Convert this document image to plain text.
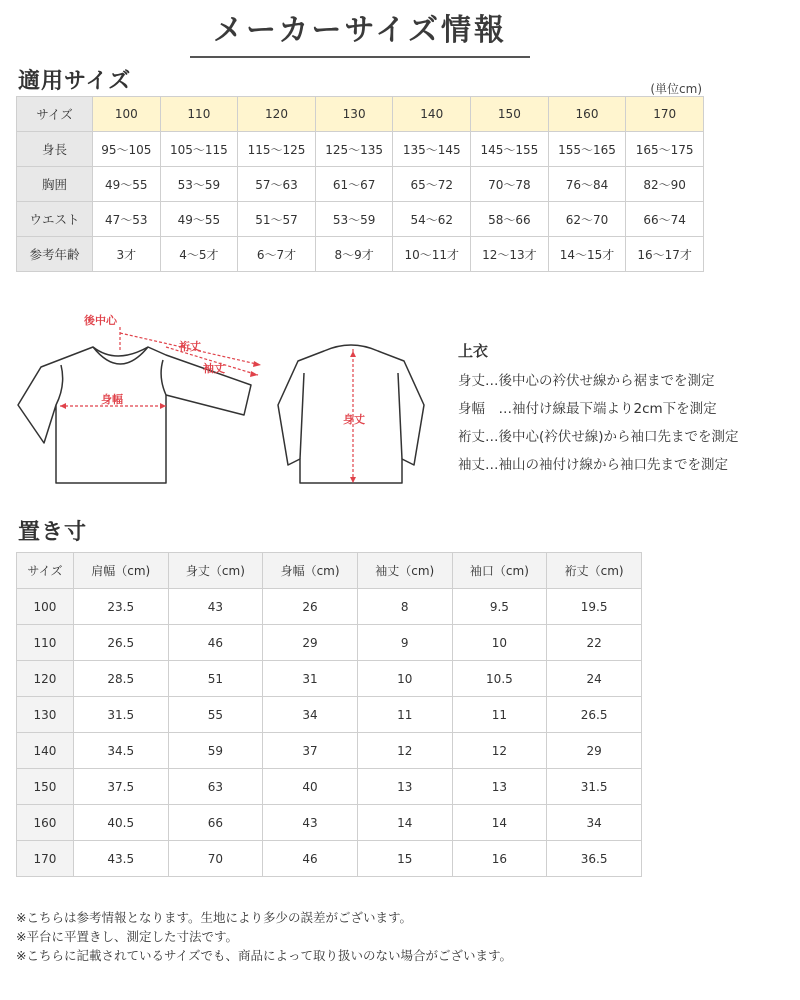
メーカーサイズ情報
適用サイズ	(単位cm)
サイズ	100	110	120	130	140	150	160	170
身長	95〜105	105〜115	115〜125	125〜135	135〜145	145〜155	155〜165	165〜175
胸囲	49〜55	53〜59	57〜63	61〜67	65〜72	70〜78	76〜84	82〜90
ウエスト	47〜53	49〜55	51〜57	53〜59	54〜62	58〜66	62〜70	66〜74
参考年齢	3才	4〜5才	6〜7才	8〜9才	10〜11才	12〜13才	14〜15才	16〜17才
後中心
裄丈
袖丈
身幅
身丈
上衣
身丈…後中心の衿伏せ線から裾までを測定
身幅　…袖付け線最下端より2cm下を測定
裄丈…後中心(衿伏せ線)から袖口先までを測定
袖丈…袖山の袖付け線から袖口先までを測定
置き寸
サイズ	肩幅（cm)	身丈（cm)	身幅（cm)	袖丈（cm)	袖口（cm)	裄丈（cm)
100	23.5	43	26	8	9.5	19.5
110	26.5	46	29	9	10	22
120	28.5	51	31	10	10.5	24
130	31.5	55	34	11	11	26.5
140	34.5	59	37	12	12	29
150	37.5	63	40	13	13	31.5
160	40.5	66	43	14	14	34
170	43.5	70	46	15	16	36.5
※こちらは参考情報となります。生地により多少の誤差がございます。
※平台に平置きし、測定した寸法です。
※こちらに記載されているサイズでも、商品によって取り扱いのない場合がございます。
